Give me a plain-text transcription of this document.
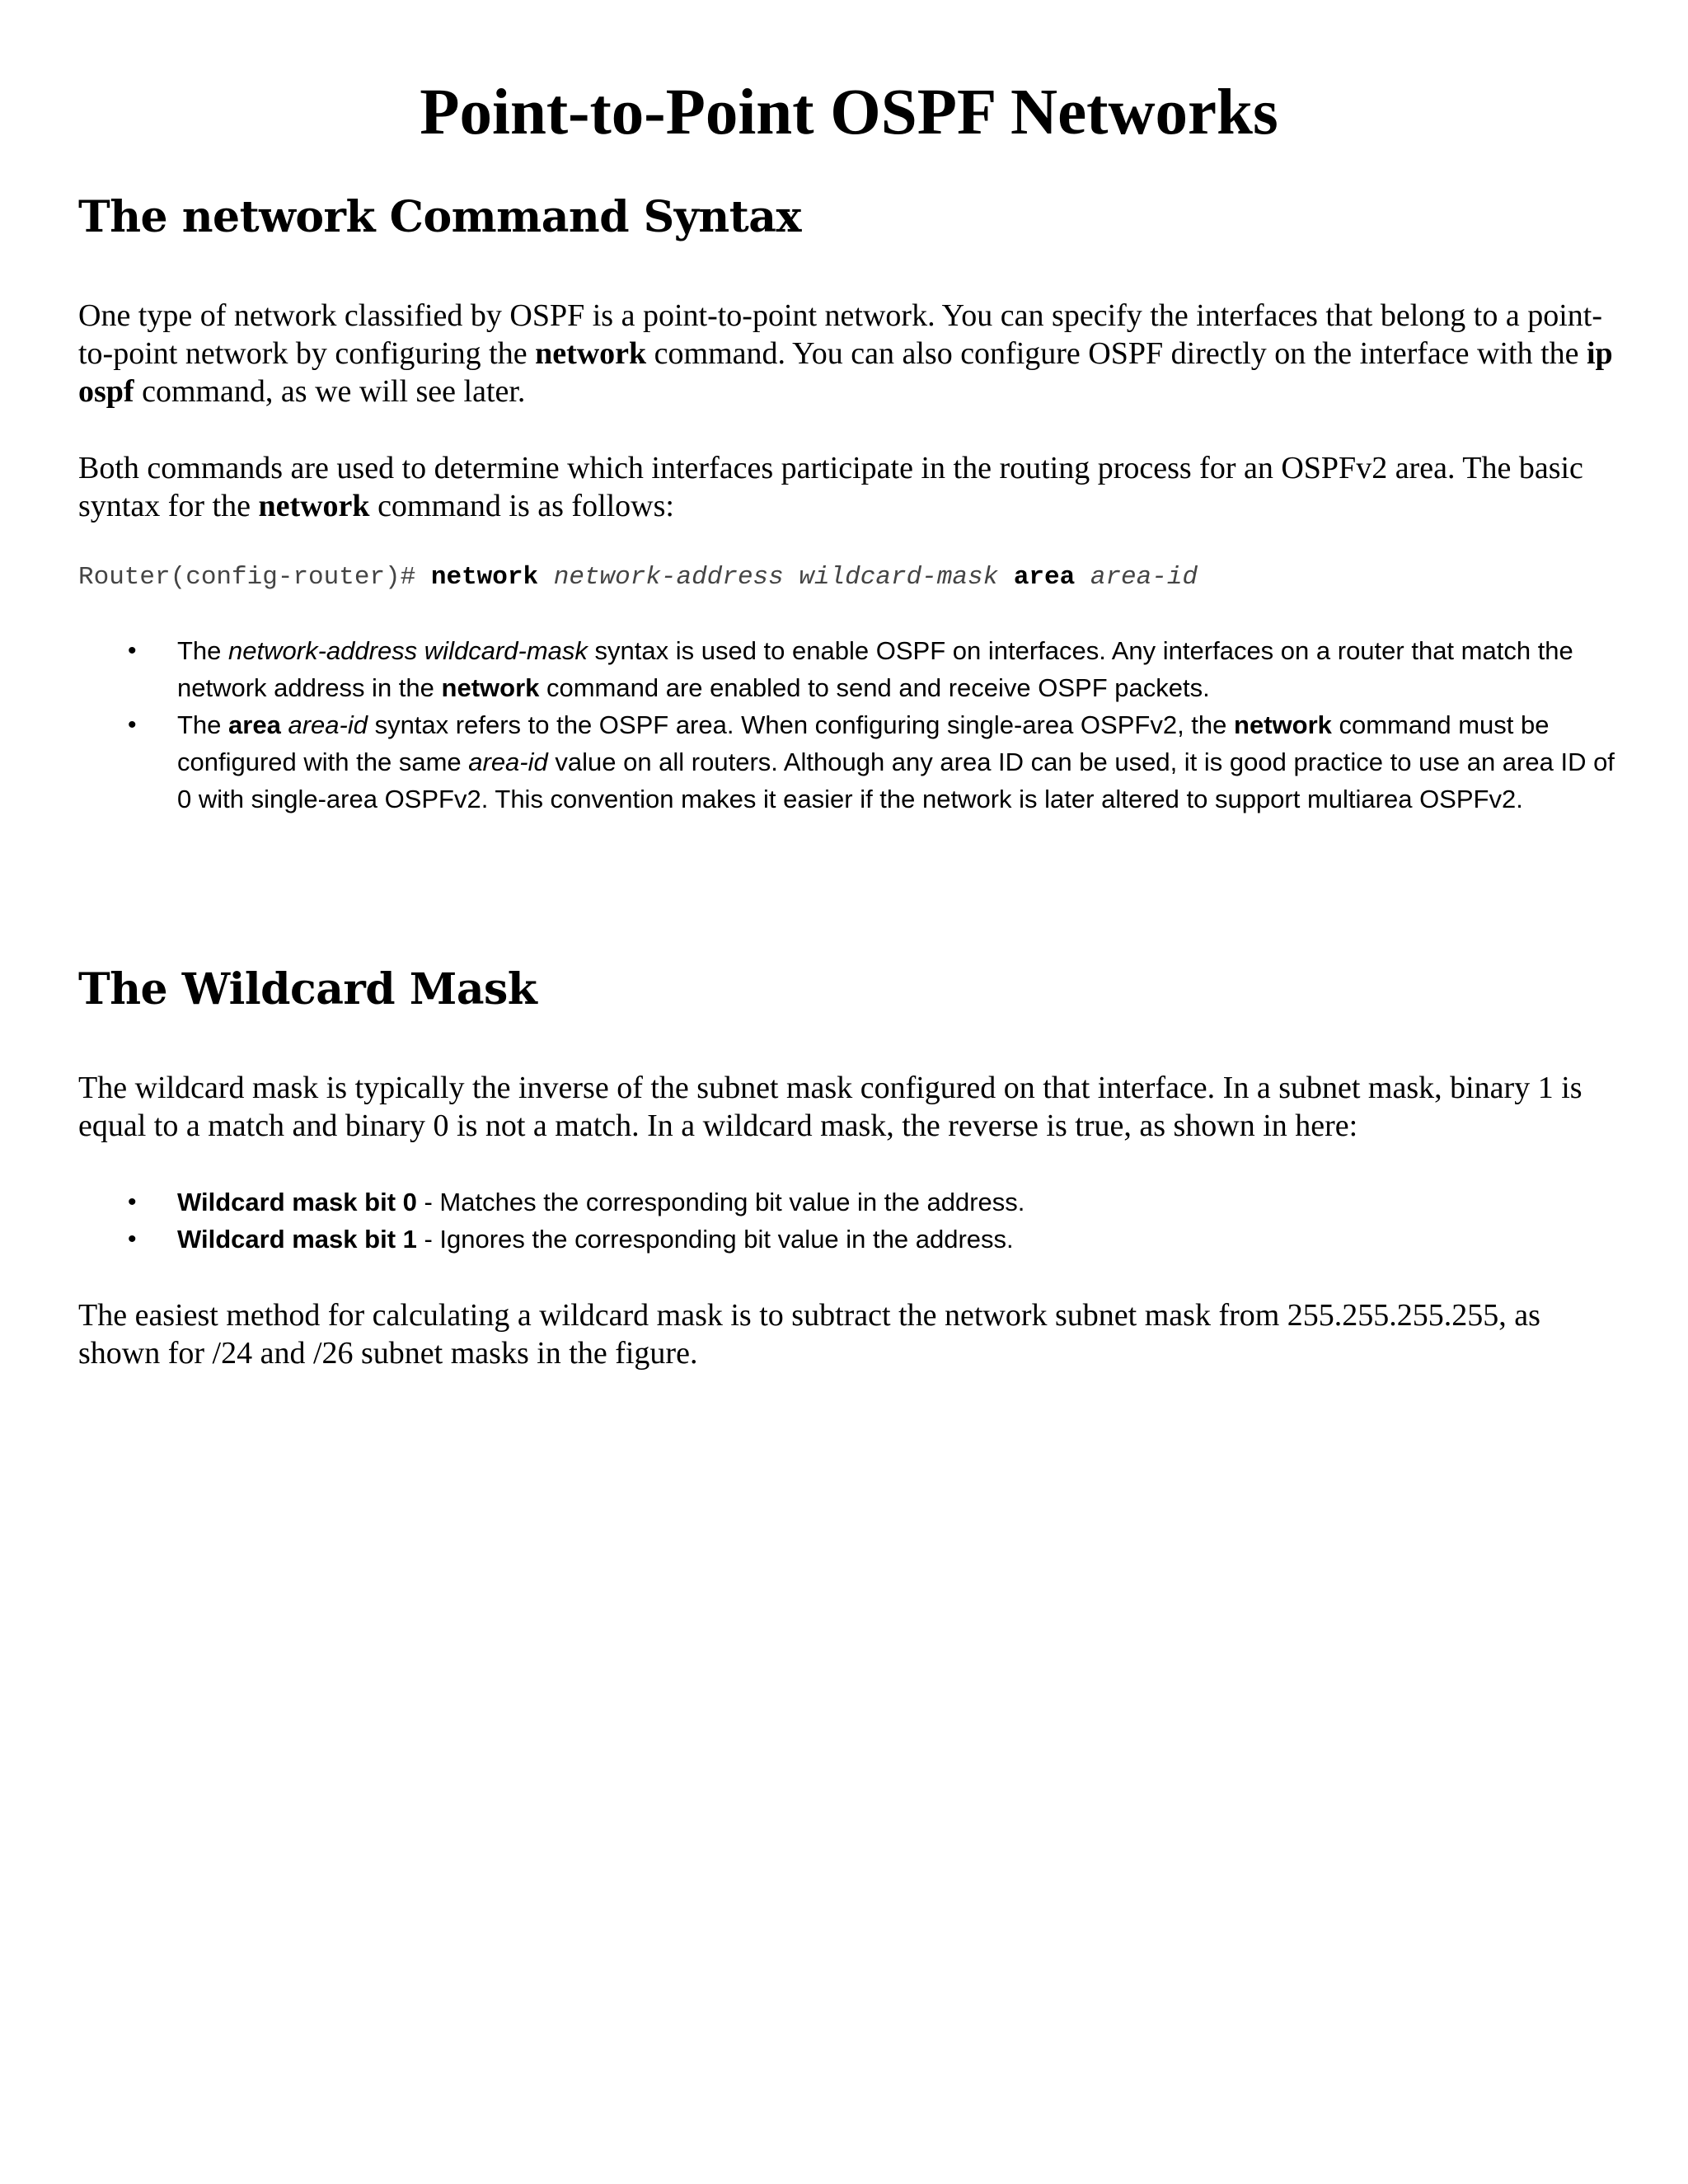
Point-to-Point OSPF Networks
The network Command Syntax

One type of network classified by OSPF is a point-to-point network. You can specify the interfaces that belong to a point-to-point network by configuring the network command. You can also configure OSPF directly on the interface with the ip ospf command, as we will see later.

Both commands are used to determine which interfaces participate in the routing process for an OSPFv2 area. The basic syntax for the network command is as follows:

Router(config-router)# network network-address wildcard-mask area area-id

• The network-address wildcard-mask syntax is used to enable OSPF on interfaces. Any interfaces on a router that match the network address in the network command are enabled to send and receive OSPF packets.
• The area area-id syntax refers to the OSPF area. When configuring single-area OSPFv2, the network command must be configured with the same area-id value on all routers. Although any area ID can be used, it is good practice to use an area ID of 0 with single-area OSPFv2. This convention makes it easier if the network is later altered to support multiarea OSPFv2.
The Wildcard Mask

The wildcard mask is typically the inverse of the subnet mask configured on that interface. In a subnet mask, binary 1 is equal to a match and binary 0 is not a match. In a wildcard mask, the reverse is true, as shown in here:

• Wildcard mask bit 0 - Matches the corresponding bit value in the address.
• Wildcard mask bit 1 - Ignores the corresponding bit value in the address.

The easiest method for calculating a wildcard mask is to subtract the network subnet mask from 255.255.255.255, as shown for /24 and /26 subnet masks in the figure.
